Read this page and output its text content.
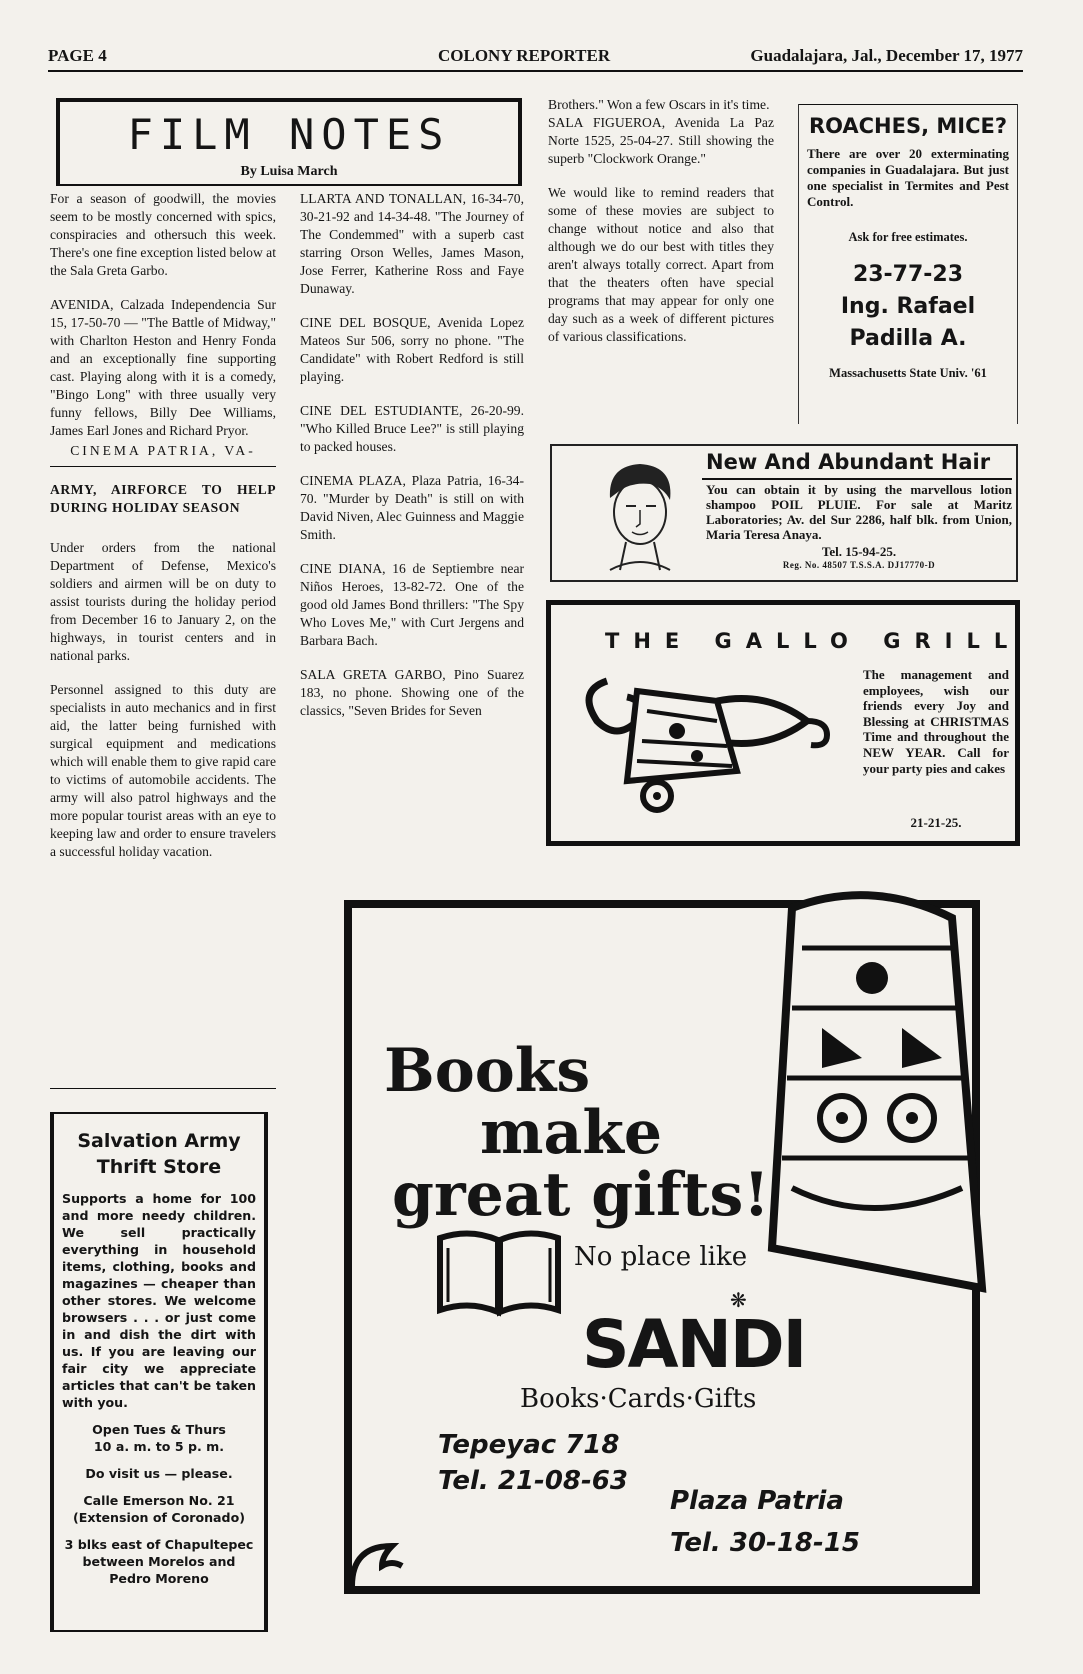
PAGE 4	COLONY REPORTER	Guadalajara, Jal., December 17, 1977
FILM NOTES
By Luisa March

For a season of goodwill, the movies seem to be mostly concerned with spics, conspiracies and othersuch this week. There's one fine exception listed below at the Sala Greta Garbo.

AVENIDA, Calzada Independencia Sur 15, 17-50-70 — "The Battle of Midway," with Charlton Heston and Henry Fonda and an exceptionally fine supporting cast. Playing along with it is a comedy, "Bingo Long" with three usually very funny fellows, Billy Dee Williams, James Earl Jones and Richard Pryor.

CINEMA PATRIA, VA-

ARMY, AIRFORCE TO HELP DURING HOLIDAY SEASON

Under orders from the national Department of Defense, Mexico's soldiers and airmen will be on duty to assist tourists during the holiday period from December 16 to January 2, on the highways, in tourist centers and in national parks.

Personnel assigned to this duty are specialists in auto mechanics and in first aid, the latter being furnished with surgical equipment and medications which will enable them to give rapid care to victims of automobile accidents. The army will also patrol highways and the more popular tourist areas with an eye to keeping law and order to ensure travelers a successful holiday vacation.

LLARTA AND TONALLAN, 16-34-70, 30-21-92 and 14-34-48. "The Journey of The Condemmed" with a superb cast starring Orson Welles, James Mason, Jose Ferrer, Katherine Ross and Faye Dunaway.

CINE DEL BOSQUE, Avenida Lopez Mateos Sur 506, sorry no phone. "The Candidate" with Robert Redford is still playing.

CINE DEL ESTUDIANTE, 26-20-99. "Who Killed Bruce Lee?" is still playing to packed houses.

CINEMA PLAZA, Plaza Patria, 16-34-70. "Murder by Death" is still on with David Niven, Alec Guinness and Maggie Smith.

CINE DIANA, 16 de Septiembre near Niños Heroes, 13-82-72. One of the good old James Bond thrillers: "The Spy Who Loves Me," with Curt Jergens and Barbara Bach.

SALA GRETA GARBO, Pino Suarez 183, no phone. Showing one of the classics, "Seven Brides for Seven

Brothers." Won a few Oscars in it's time.

SALA FIGUEROA, Avenida La Paz Norte 1525, 25-04-27. Still showing the superb "Clockwork Orange."

We would like to remind readers that some of these movies are subject to change without notice and also that although we do our best with titles they aren't always totally correct. Apart from that the theaters often have special programs that may appear for only one day such as a week of different pictures of various classifications.

ROACHES, MICE?
There are over 20 exterminating companies in Guadalajara. But just one specialist in Termites and Pest Control.
Ask for free estimates.
23-77-23
Ing. Rafael
Padilla A.
Massachusetts State Univ. '61
New And Abundant Hair
You can obtain it by using the marvellous lotion shampoo POIL PLUIE. For sale at Maritz Laboratories; Av. del Sur 2286, half blk. from Union, Maria Teresa Anaya.
Tel. 15-94-25.
Reg. No. 48507 T.S.S.A. DJ17770-D
THE GALLO GRILL
The management and employees, wish our friends every Joy and Blessing at CHRISTMAS Time and throughout the NEW YEAR. Call for your party pies and cakes
21-21-25.
Salvation Army
Thrift Store
Supports a home for 100 and more needy children. We sell practically everything in household items, clothing, books and magazines — cheaper than other stores. We welcome browsers . . . or just come in and dish the dirt with us. If you are leaving our fair city we appreciate articles that can't be taken with you.
Open Tues & Thurs
10 a. m. to 5 p. m.
Do visit us — please.
Calle Emerson No. 21
(Extension of Coronado)
3 blks east of Chapultepec between Morelos and Pedro Moreno
Books
make
great gifts!
No place like
❋
SANDI
Books·Cards·Gifts
Tepeyac 718
Tel. 21-08-63
Plaza Patria
Tel. 30-18-15
